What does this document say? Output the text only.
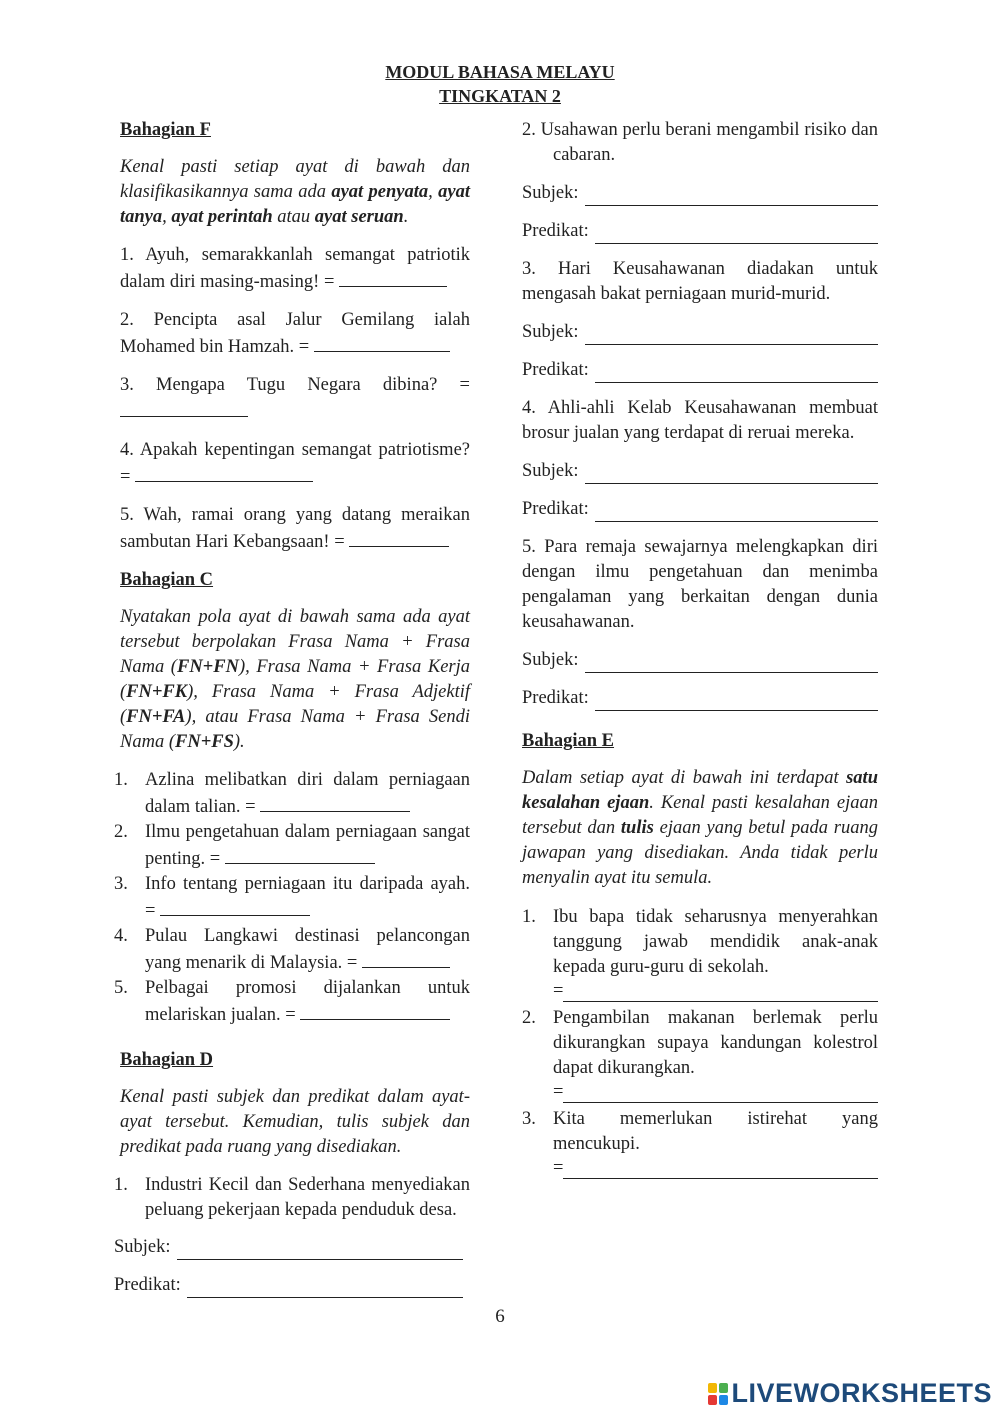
MODUL BAHASA MELAYU
TINGKATAN 2
Bahagian F

Kenal pasti setiap ayat di bawah dan klasifikasikannya sama ada ayat penyata, ayat tanya, ayat perintah atau ayat seruan.

1. Ayuh, semarakkanlah semangat patriotik dalam diri masing-masing! =

2. Pencipta asal Jalur Gemilang ialah Mohamed bin Hamzah. =

3. Mengapa Tugu Negara dibina? =

4. Apakah kepentingan semangat patriotisme? =

5. Wah, ramai orang yang datang meraikan sambutan Hari Kebangsaan! =

Bahagian C

Nyatakan pola ayat di bawah sama ada ayat tersebut berpolakan Frasa Nama + Frasa Nama (FN+FN), Frasa Nama + Frasa Kerja (FN+FK), Frasa Nama + Frasa Adjektif (FN+FA), atau Frasa Nama + Frasa Sendi Nama (FN+FS).

1. Azlina melibatkan diri dalam perniagaan dalam talian. =
2. Ilmu pengetahuan dalam perniagaan sangat penting. =
3. Info tentang perniagaan itu daripada ayah. =
4. Pulau Langkawi destinasi pelancongan yang menarik di Malaysia. =
5. Pelbagai promosi dijalankan untuk melariskan jualan. =
Bahagian D

Kenal pasti subjek dan predikat dalam ayat-ayat tersebut. Kemudian, tulis subjek dan predikat pada ruang yang disediakan.

1. Industri Kecil dan Sederhana menyediakan peluang pekerjaan kepada penduduk desa.
Subjek:
Predikat:

2. Usahawan perlu berani mengambil risiko dan cabaran.

Subjek:
Predikat:

3. Hari Keusahawanan diadakan untuk mengasah bakat perniagaan murid-murid.

Subjek:
Predikat:

4. Ahli-ahli Kelab Keusahawanan membuat brosur jualan yang terdapat di reruai mereka.

Subjek:
Predikat:

5. Para remaja sewajarnya melengkapkan diri dengan ilmu pengetahuan dan menimba pengalaman yang berkaitan dengan dunia keusahawanan.

Subjek:
Predikat:
Bahagian E

Dalam setiap ayat di bawah ini terdapat satu kesalahan ejaan. Kenal pasti kesalahan ejaan tersebut dan tulis ejaan yang betul pada ruang jawapan yang disediakan. Anda tidak perlu menyalin ayat itu semula.

1. Ibu bapa tidak seharusnya menyerahkan tanggung jawab mendidik anak-anak kepada guru-guru di sekolah.
=
2. Pengambilan makanan berlemak perlu dikurangkan supaya kandungan kolestrol dapat dikurangkan.
=
3. Kita memerlukan istirehat yang mencukupi.
=
6
LIVEWORKSHEETS
